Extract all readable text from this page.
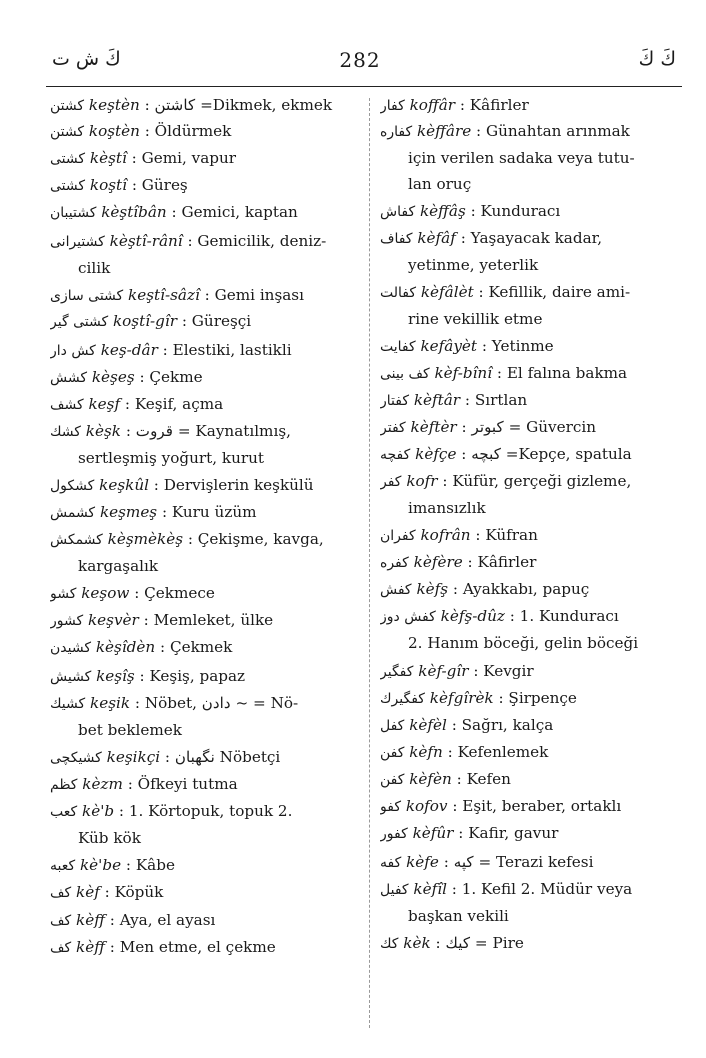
كَ ش ت	282	كَ كَ
كشتن keştèn : كاشتن =Dikmek, ekmek
كشتن koştèn : Öldürmek
كشتى kèştî : Gemi, vapur
كشتى koştî : Güreş
كشتيبان kèştîbân : Gemici, kaptan
كشتيرانى kèştî-rânî : Gemicilik, deniz-
cilik
كشتى سازى keştî-sâzî : Gemi inşası
كشتى گير koştî-gîr : Güreşçi
كش دار keş-dâr : Elestiki, lastikli
كشش kèşeş : Çekme
كشف keşf : Keşif, açma
كشك kèşk : قروت = Kaynatılmış,
sertleşmiş yoğurt, kurut
كشكول keşkûl : Dervişlerin keşkülü
كشمش keşmeş : Kuru üzüm
كشمكش kèşmèkèş : Çekişme, kavga,
kargaşalık
كشو keşow : Çekmece
كشور keşvèr : Memleket, ülke
كشيدن kèşîdèn : Çekmek
كشيش keşîş : Keşiş, papaz
كشيك keşik : Nöbet, دادن ~ = Nö-
bet beklemek
كشيكچى keşikçi : نگهبان Nöbetçi
كظم kèzm : Öfkeyi tutma
كعب kè'b : 1. Körtopuk, topuk 2.
Küb kök
كعبه kè'be : Kâbe
كف kèf : Köpük
كف kèff : Aya, el ayası
كف kèff : Men etme, el çekme
كفار koffâr : Kâfirler
كفاره kèffâre : Günahtan arınmak
için verilen sadaka veya tutu-
lan oruç
كفاش kèffâş : Kunduracı
كفاف kèfâf : Yaşayacak kadar,
yetinme, yeterlik
كفالت kèfâlèt : Kefillik, daire ami-
rine vekillik etme
كفايت kefâyèt : Yetinme
كف بينى kèf-bînî : El falına bakma
كفتار kèftâr : Sırtlan
كفتر kèftèr : كبوتر = Güvercin
كفچه kèfçe : كبچه =Kepçe, spatula
كفر kofr : Küfür, gerçeği gizleme,
imansızlık
كفران kofrân : Küfran
كفره kèfère : Kâfirler
كفش kèfş : Ayakkabı, papuç
كفش دوز kèfş-dûz : 1. Kunduracı
2. Hanım böceği, gelin böceği
كفگير kèf-gîr : Kevgir
كفگيرك kèfgîrèk : Şirpençe
كفل kèfèl : Sağrı, kalça
كفن kèfn : Kefenlemek
كفن kèfèn : Kefen
كفو kofov : Eşit, beraber, ortaklı
كفور kèfûr : Kafir, gavur
كفه kèfe : كپه = Terazi kefesi
كفيل kèfîl : 1. Kefil 2. Müdür veya
başkan vekili
كك kèk : كيك = Pire
